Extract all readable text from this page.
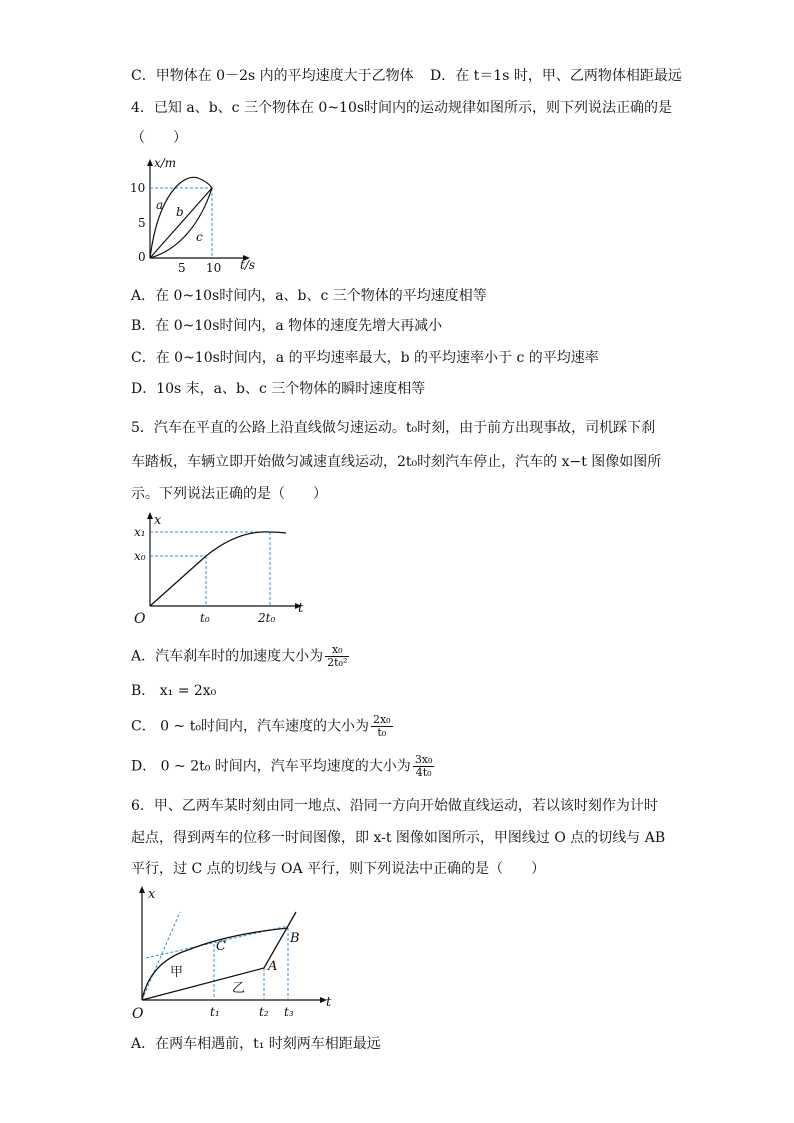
C．甲物体在 0－2s 内的平均速度大于乙物体 D．在 t＝1s 时，甲、乙两物体相距最远
4．已知 a、b、c 三个物体在 0~10s时间内的运动规律如图所示，则下列说法正确的是
（　　）
x/m
t/s
10
5
0
5 10
a b
c
A．在 0~10s时间内，a、b、c 三个物体的平均速度相等
B．在 0~10s时间内，a 物体的速度先增大再减小
C．在 0~10s时间内，a 的平均速率最大，b 的平均速率小于 c 的平均速率
D．10s 末，a、b、c 三个物体的瞬时速度相等
5．汽车在平直的公路上沿直线做匀速运动。t₀时刻，由于前方出现事故，司机踩下刹
车踏板，车辆立即开始做匀减速直线运动，2t₀时刻汽车停止，汽车的 x−t 图像如图所
示。下列说法正确的是（　　）
x
t
O
x₁
x₀
t₀	2t₀
A．汽车刹车时的加速度大小为 $\frac{\text{x₀}}{\text{2t₀²}}$
B． x₁ = 2x₀
C． 0 ~ t₀时间内，汽车速度的大小为 $\frac{\text{2x₀}}{\text{t₀}}$
D． 0 ~ 2t₀ 时间内，汽车平均速度的大小为 $\frac{\text{3x₀}}{\text{4t₀}}$
6．甲、乙两车某时刻由同一地点、沿同一方向开始做直线运动，若以该时刻作为计时
起点，得到两车的位移一时间图像，即 x-t 图像如图所示，甲图线过 O 点的切线与 AB
平行，过 C 点的切线与 OA 平行，则下列说法中正确的是（　　）
x
t
O
C
B
A
甲
乙
t₁	t₂ t₃
A．在两车相遇前，t₁ 时刻两车相距最远
